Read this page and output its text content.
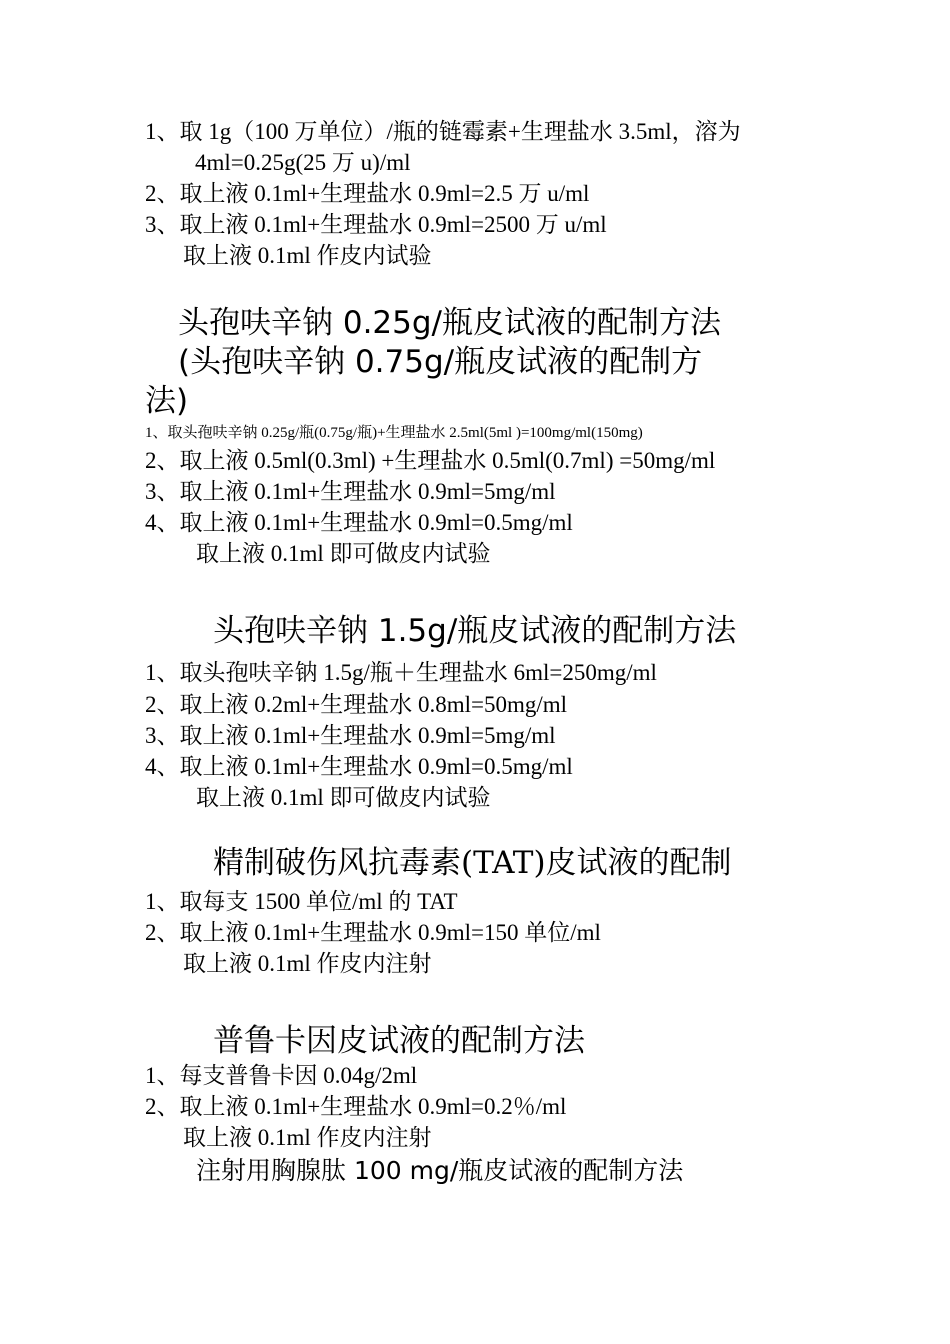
1、取 1g（100 万单位）/瓶的链霉素+生理盐水 3.5ml，溶为
4ml=0.25g(25 万 u)/ml
2、取上液 0.1ml+生理盐水 0.9ml=2.5 万 u/ml
3、取上液 0.1ml+生理盐水 0.9ml=2500 万 u/ml
取上液 0.1ml 作皮内试验
头孢呋辛钠 0.25g/瓶皮试液的配制方法
(头孢呋辛钠 0.75g/瓶皮试液的配制方
法)
1、取头孢呋辛钠 0.25g/瓶(0.75g/瓶)+生理盐水 2.5ml(5ml )=100mg/ml(150mg)
2、取上液 0.5ml(0.3ml) +生理盐水 0.5ml(0.7ml) =50mg/ml
3、取上液 0.1ml+生理盐水 0.9ml=5mg/ml
4、取上液 0.1ml+生理盐水 0.9ml=0.5mg/ml
取上液 0.1ml 即可做皮内试验
头孢呋辛钠 1.5g/瓶皮试液的配制方法
1、取头孢呋辛钠 1.5g/瓶＋生理盐水 6ml=250mg/ml
2、取上液 0.2ml+生理盐水 0.8ml=50mg/ml
3、取上液 0.1ml+生理盐水 0.9ml=5mg/ml
4、取上液 0.1ml+生理盐水 0.9ml=0.5mg/ml
取上液 0.1ml 即可做皮内试验
精制破伤风抗毒素(TAT)皮试液的配制
1、取每支 1500 单位/ml 的 TAT
2、取上液 0.1ml+生理盐水 0.9ml=150 单位/ml
取上液 0.1ml 作皮内注射
普鲁卡因皮试液的配制方法
1、每支普鲁卡因 0.04g/2ml
2、取上液 0.1ml+生理盐水 0.9ml=0.2％/ml
取上液 0.1ml 作皮内注射
注射用胸腺肽 100 mg/瓶皮试液的配制方法
